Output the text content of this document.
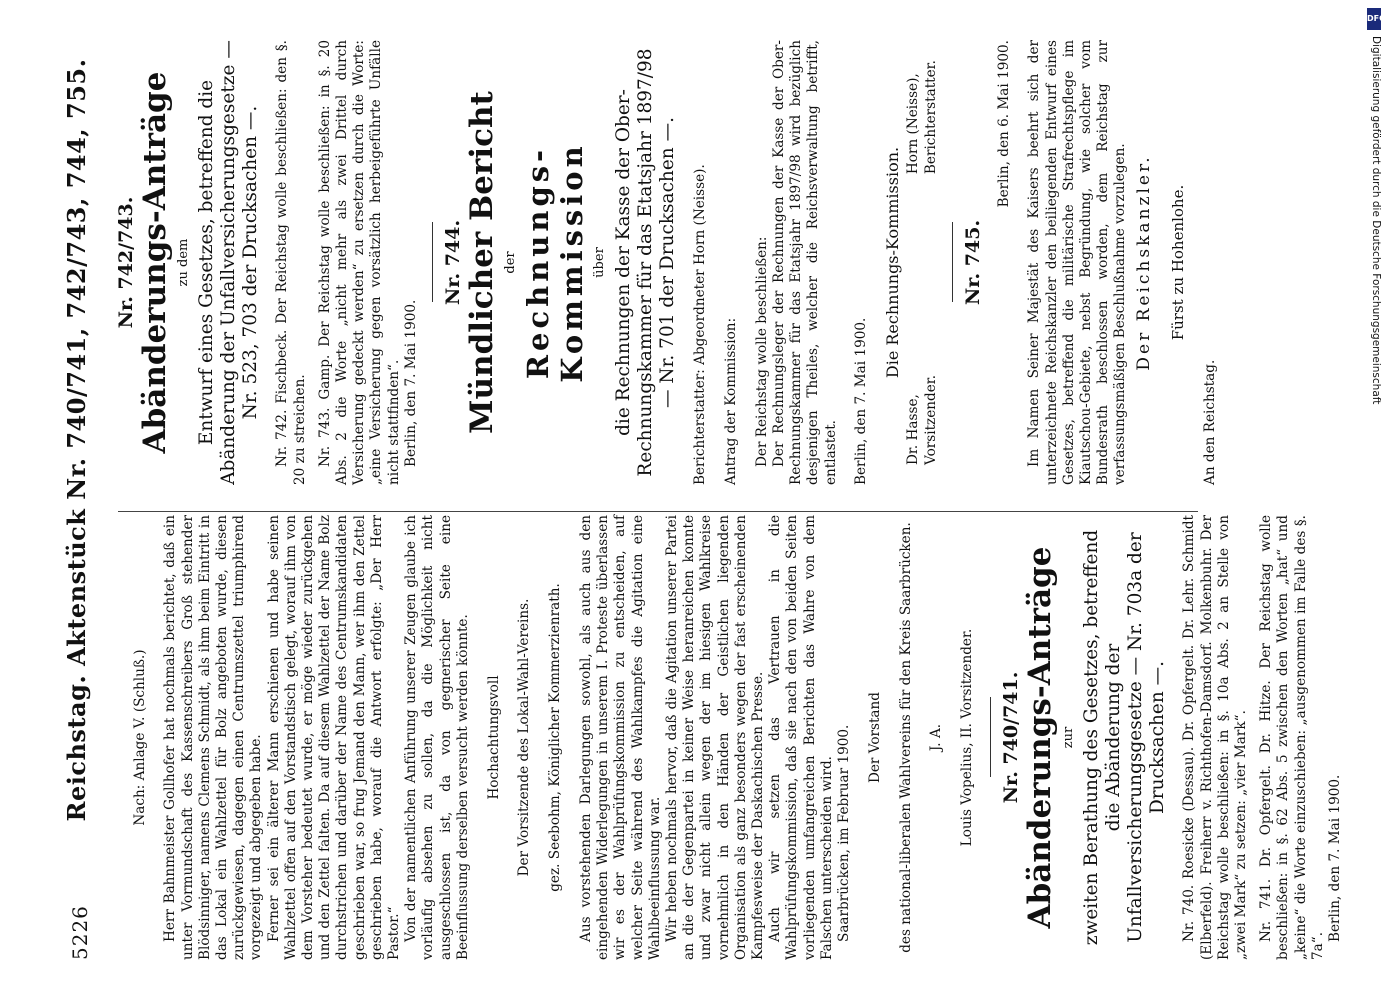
5226
Reichstag. Aktenstück Nr. 740/741, 742/743, 744, 755.	Nach: Anlage V. (Schluß.) Herr Bahnmeister Gollhofer hat nochmals berichtet, daß ein unter Vormundschaft des Kassenschreibers Groß stehender Blödsinniger, namens Clemens Schmidt, als ihm beim Eintritt in das Lokal ein Wahlzettel für Bolz angeboten wurde, diesen zurückgewiesen, dagegen einen Centrumszettel triumphirend vorgezeigt und abgegeben habe. Ferner sei ein älterer Mann erschienen und habe seinen Wahlzettel offen auf den Vorstandstisch gelegt, worauf ihm von dem Vorsteher bedeutet wurde, er möge wieder zurückgehen und den Zettel falten. Da auf diesem Wahlzettel der Name Bolz durchstrichen und darüber der Name des Centrumskandidaten geschrieben war, so frug Jemand den Mann, wer ihm den Zettel geschrieben habe, worauf die Antwort erfolgte: „Der Herr Pastor.“ Von der namentlichen Anführung unserer Zeugen glaube ich vorläufig absehen zu sollen, da die Möglichkeit nicht ausgeschlossen ist, da von gegnerischer Seite eine Beeinflussung derselben versucht werden könnte. Hochachtungsvoll Der Vorsitzende des Lokal-Wahl-Vereins. gez. Seebohm, Königlicher Kommerzienrath. Aus vorstehenden Darlegungen sowohl, als auch aus den eingehenden Widerlegungen in unserem I. Proteste überlassen wir es der Wahlprüfungskommission zu entscheiden, auf welcher Seite während des Wahlkampfes die Agitation eine Wahlbeeinflussung war. Wir heben nochmals hervor, daß die Agitation unserer Partei an die der Gegenpartei in keiner Weise heranreichen konnte und zwar nicht allein wegen der im hiesigen Wahlkreise vornehmlich in den Händen der Geistlichen liegenden Organisation als ganz besonders wegen der fast erscheinenden Kampfesweise der Daskachischen Presse. Auch wir setzen das Vertrauen in die Wahlprüfungskommission, daß sie nach den von beiden Seiten vorliegenden umfangreichen Berichten das Wahre von dem Falschen unterscheiden wird. Saarbrücken, im Februar 1900. Der Vorstand des national-liberalen Wahlvereins für den Kreis Saarbrücken. J. A. Louis Vopelius, II. Vorsitzender. Nr. 740/741. Abänderungs-Anträge zur zweiten Berathung des Gesetzes, betreffend die Abänderung der Unfallversicherungsgesetze — Nr. 703a der Drucksachen —. Nr. 740. Roesicke (Dessau). Dr. Opfergelt. Dr. Lehr. Schmidt (Elberfeld). Freiherr v. Richthofen-Damsdorf. Molkenbuhr. Der Reichstag wolle beschließen: in §. 10a Abs. 2 an Stelle von „zwei Mark“ zu setzen: „vier Mark“. Nr. 741. Dr. Opfergelt. Dr. Hitze. Der Reichstag wolle beschließen: in §. 62 Abs. 5 zwischen den Worten „hat“ und „keine“ die Worte einzuschieben: „ausgenommen im Falle des §. 7a“.

Berlin, den 7. Mai 1900.

Nr. 742/743. Abänderungs-Anträge zu dem Entwurf eines Gesetzes, betreffend die Abänderung der Unfallversicherungsgesetze — Nr. 523, 703 der Drucksachen —. Nr. 742. Fischbeck. Der Reichstag wolle beschließen: den §. 20 zu streichen. Nr. 743. Gamp. Der Reichstag wolle beschließen: in §. 20 Abs. 2 die Worte „nicht mehr als zwei Drittel durch Versicherung gedeckt werden“ zu ersetzen durch die Worte: „eine Versicherung gegen vorsätzlich herbeigeführte Unfälle nicht stattfinden“. Berlin, den 7. Mai 1900.

Nr. 744. Mündlicher Bericht der Rechnungs-Kommission über die Rechnungen der Kasse der Ober-Rechnungskammer für das Etatsjahr 1897/98 — Nr. 701 der Drucksachen —. Berichterstatter: Abgeordneter Horn (Neisse). Antrag der Kommission: Der Reichstag wolle beschließen: Der Rechnungsleger der Rechnungen der Kasse der Ober-Rechnungskammer für das Etatsjahr 1897/98 wird bezüglich desjenigen Theiles, welcher die Reichsverwaltung betrifft, entlastet. Berlin, den 7. Mai 1900.

Die Rechnungs-Kommission.

Dr. Hasse, Vorsitzender.
Horn (Neisse), Berichterstatter.
Nr. 745.

Berlin, den 6. Mai 1900. Im Namen Seiner Majestät des Kaisers beehrt sich der unterzeichnete Reichskanzler den beiliegenden Entwurf eines Gesetzes, betreffend die militärische Strafrechtspflege im Kiautschou-Gebiete, nebst Begründung, wie solcher vom Bundesrath beschlossen worden, dem Reichstag zur verfassungsmäßigen Beschlußnahme vorzulegen. Der Reichskanzler. Fürst zu Hohenlohe.

An den Reichstag.

DFG
Digitalisierung gefördert durch die Deutsche Forschungsgemeinschaft
